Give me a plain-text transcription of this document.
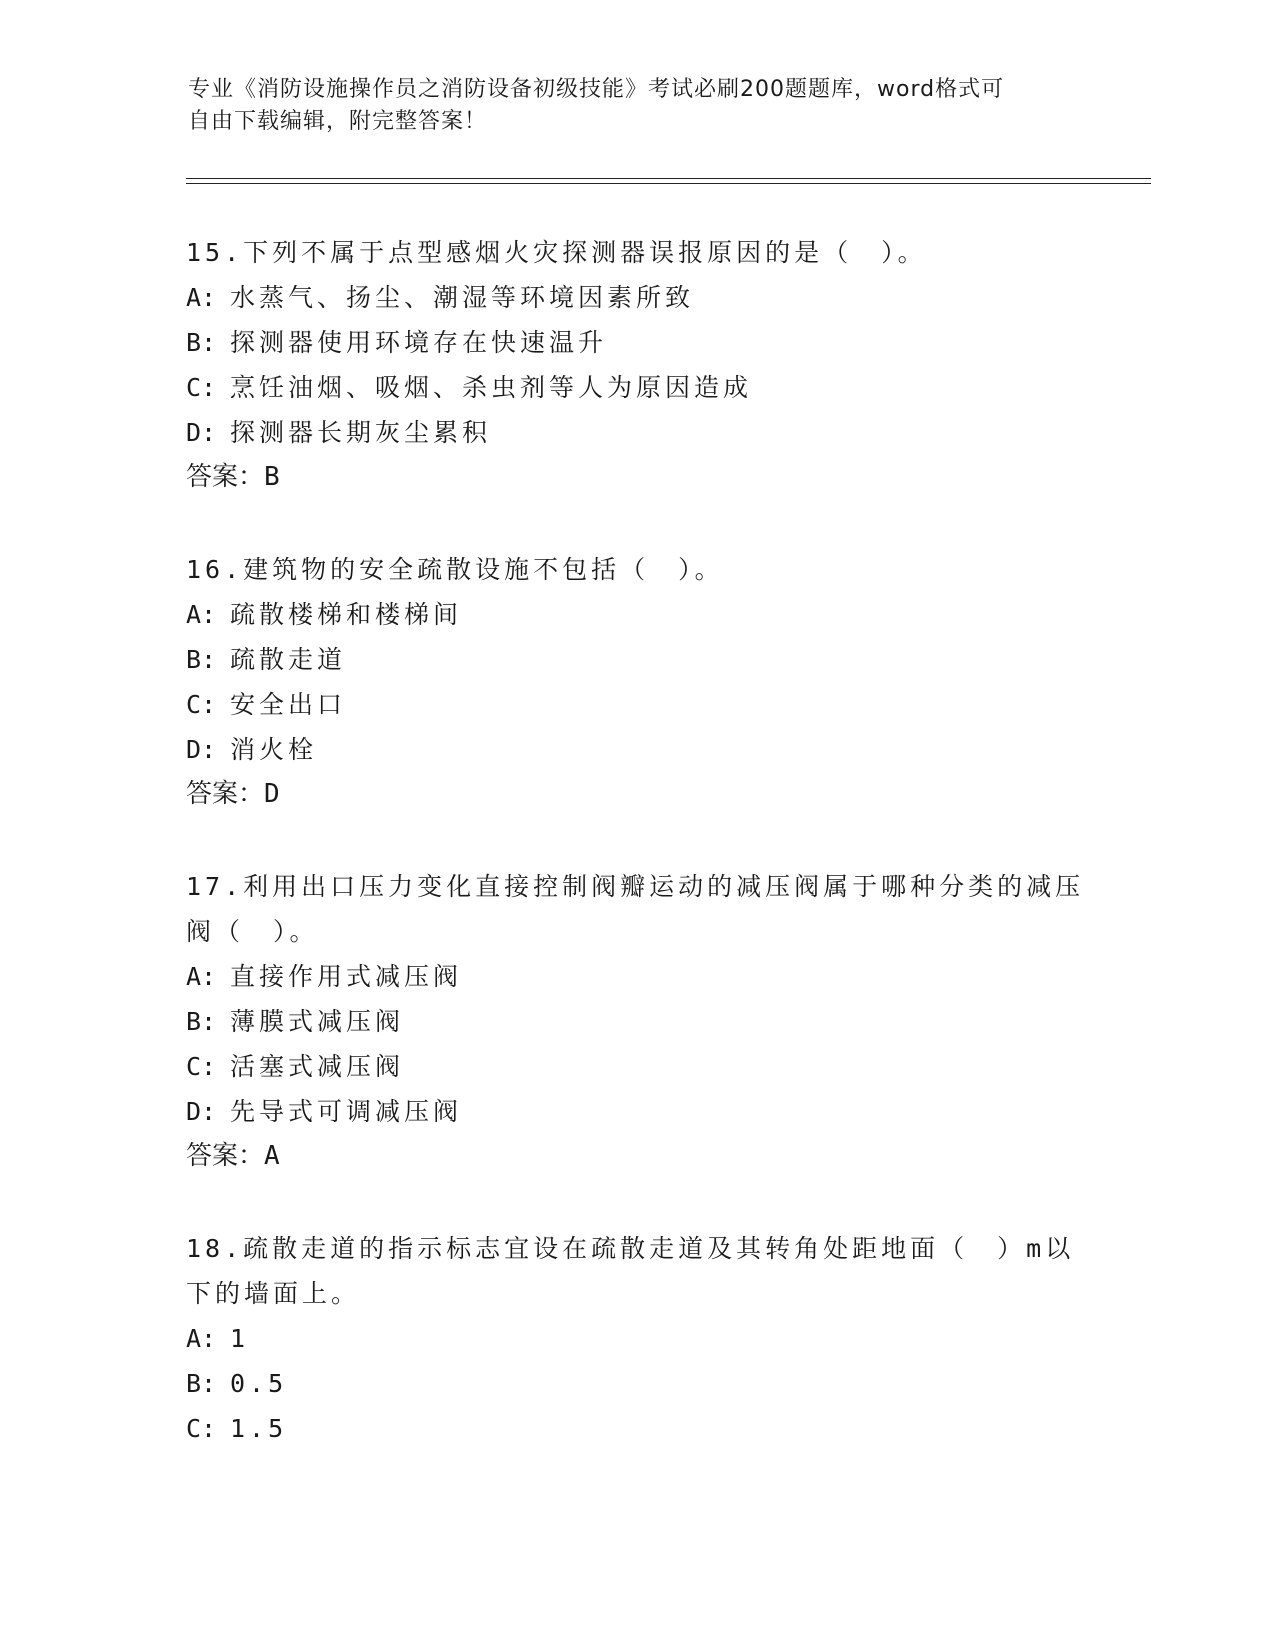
专业《消防设施操作员之消防设备初级技能》考试必刷200题题库，word格式可
自由下载编辑，附完整答案！

15.下列不属于点型感烟火灾探测器误报原因的是（　）。

A: 水蒸气、扬尘、潮湿等环境因素所致

B: 探测器使用环境存在快速温升

C: 烹饪油烟、吸烟、杀虫剂等人为原因造成

D: 探测器长期灰尘累积

答案：B

16.建筑物的安全疏散设施不包括（　）。

A: 疏散楼梯和楼梯间

B: 疏散走道

C: 安全出口

D: 消火栓

答案：D

17.利用出口压力变化直接控制阀瓣运动的减压阀属于哪种分类的减压

阀（　）。

A: 直接作用式减压阀

B: 薄膜式减压阀

C: 活塞式减压阀

D: 先导式可调减压阀

答案：A

18.疏散走道的指示标志宜设在疏散走道及其转角处距地面（　）m以

下的墙面上。

A: 1

B: 0.5

C: 1.5
